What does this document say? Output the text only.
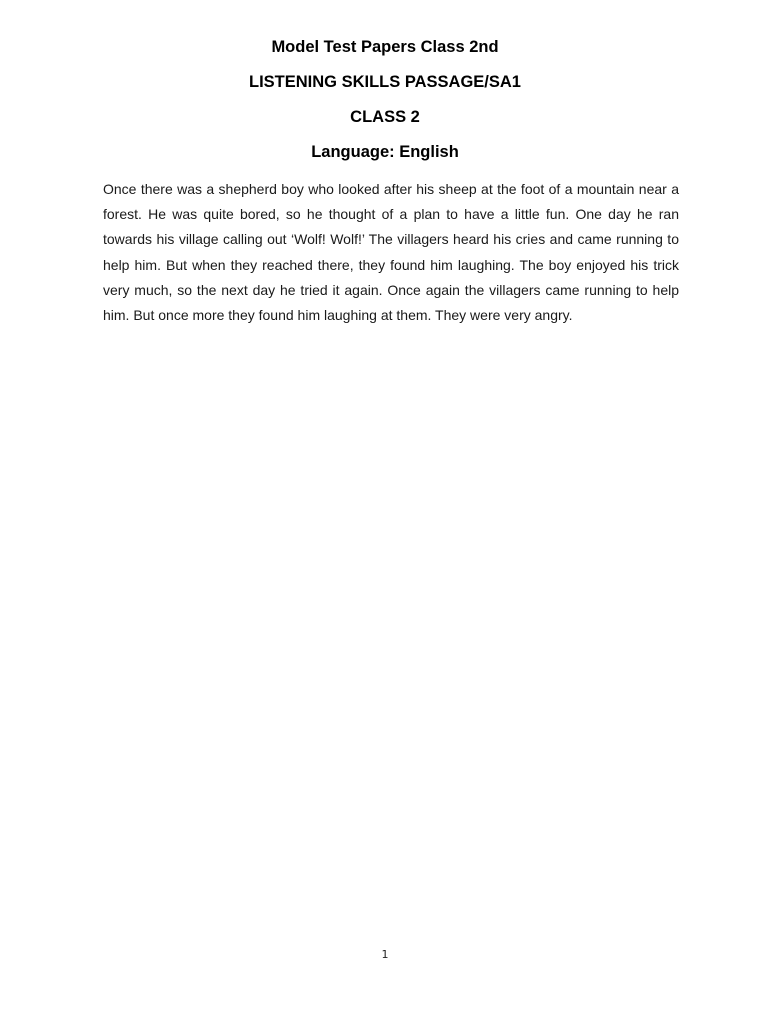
Model Test Papers Class 2nd
LISTENING SKILLS PASSAGE/SA1
CLASS 2
Language: English

Once there was a shepherd boy who looked after his sheep at the foot of a mountain near a forest. He was quite bored, so he thought of a plan to have a little fun. One day he ran towards his village calling out ‘Wolf! Wolf!’ The villagers heard his cries and came running to help him. But when they reached there, they found him laughing. The boy enjoyed his trick very much, so the next day he tried it again. Once again the villagers came running to help him. But once more they found him laughing at them. They were very angry.

1
